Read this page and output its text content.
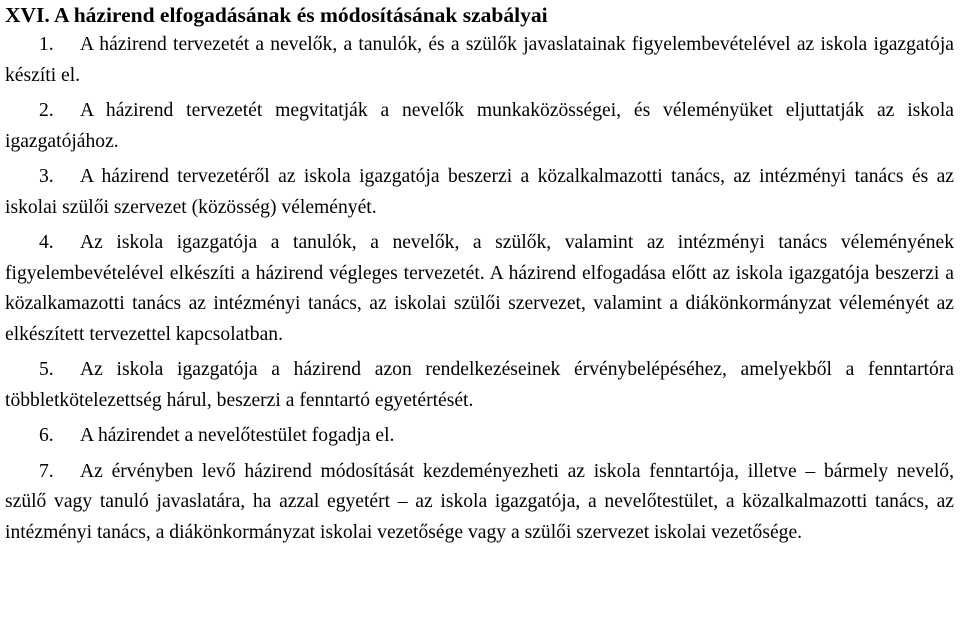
XVI. A házirend elfogadásának és módosításának szabályai
1. A házirend tervezetét a nevelők, a tanulók, és a szülők javaslatainak figyelembevételével az iskola igazgatója készíti el.
2. A házirend tervezetét megvitatják a nevelők munkaközösségei, és véleményüket eljuttatják az iskola igazgatójához.
3. A házirend tervezetéről az iskola igazgatója beszerzi a közalkalmazotti tanács, az intézményi tanács és az iskolai szülői szervezet (közösség) véleményét.
4. Az iskola igazgatója a tanulók, a nevelők, a szülők, valamint az intézményi tanács véleményének figyelembevételével elkészíti a házirend végleges tervezetét. A házirend elfogadása előtt az iskola igazgatója beszerzi a közalkamazotti tanács az intézményi tanács, az iskolai szülői szervezet, valamint a diákönkormányzat véleményét az elkészített tervezettel kapcsolatban.
5. Az iskola igazgatója a házirend azon rendelkezéseinek érvénybelépéséhez, amelyekből a fenntartóra többletkötelezettség hárul, beszerzi a fenntartó egyetértését.
6. A házirendet a nevelőtestület fogadja el.
7. Az érvényben levő házirend módosítását kezdeményezheti az iskola fenntartója, illetve – bármely nevelő, szülő vagy tanuló javaslatára, ha azzal egyetért – az iskola igazgatója, a nevelőtestület, a közalkalmazotti tanács, az intézményi tanács, a diákönkormányzat iskolai vezetősége vagy a szülői szervezet iskolai vezetősége.
